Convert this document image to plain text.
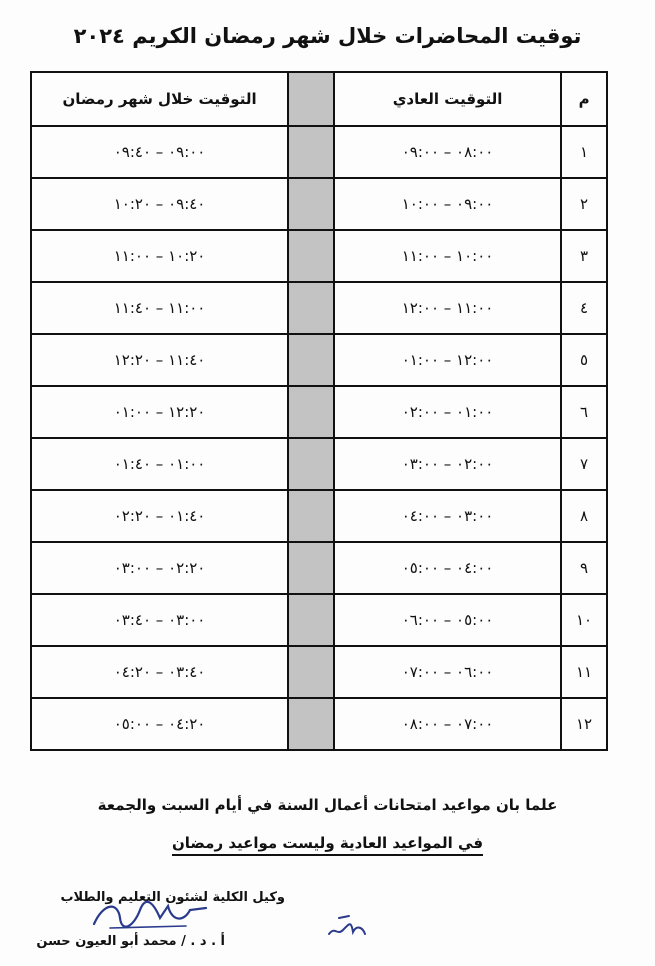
توقيت المحاضرات خلال شهر رمضان الكريم ٢٠٢٤
م	التوقيت العادي		التوقيت خلال شهر رمضان
١	٠٨:٠٠ – ٠٩:٠٠		٠٩:٠٠ – ٠٩:٤٠
٢	٠٩:٠٠ – ١٠:٠٠		٠٩:٤٠ – ١٠:٢٠
٣	١٠:٠٠ – ١١:٠٠		١٠:٢٠ – ١١:٠٠
٤	١١:٠٠ – ١٢:٠٠		١١:٠٠ – ١١:٤٠
٥	١٢:٠٠ – ٠١:٠٠		١١:٤٠ – ١٢:٢٠
٦	٠١:٠٠ – ٠٢:٠٠		١٢:٢٠ – ٠١:٠٠
٧	٠٢:٠٠ – ٠٣:٠٠		٠١:٠٠ – ٠١:٤٠
٨	٠٣:٠٠ – ٠٤:٠٠		٠١:٤٠ – ٠٢:٢٠
٩	٠٤:٠٠ – ٠٥:٠٠		٠٢:٢٠ – ٠٣:٠٠
١٠	٠٥:٠٠ – ٠٦:٠٠		٠٣:٠٠ – ٠٣:٤٠
١١	٠٦:٠٠ – ٠٧:٠٠		٠٣:٤٠ – ٠٤:٢٠
١٢	٠٧:٠٠ – ٠٨:٠٠		٠٤:٢٠ – ٠٥:٠٠
علما بان مواعيد امتحانات أعمال السنة في أيام السبت والجمعة
في المواعيد العادية وليست مواعيد رمضان
وكيل الكلية لشئون التعليم والطلاب
أ . د . / محمد أبو العيون حسن
